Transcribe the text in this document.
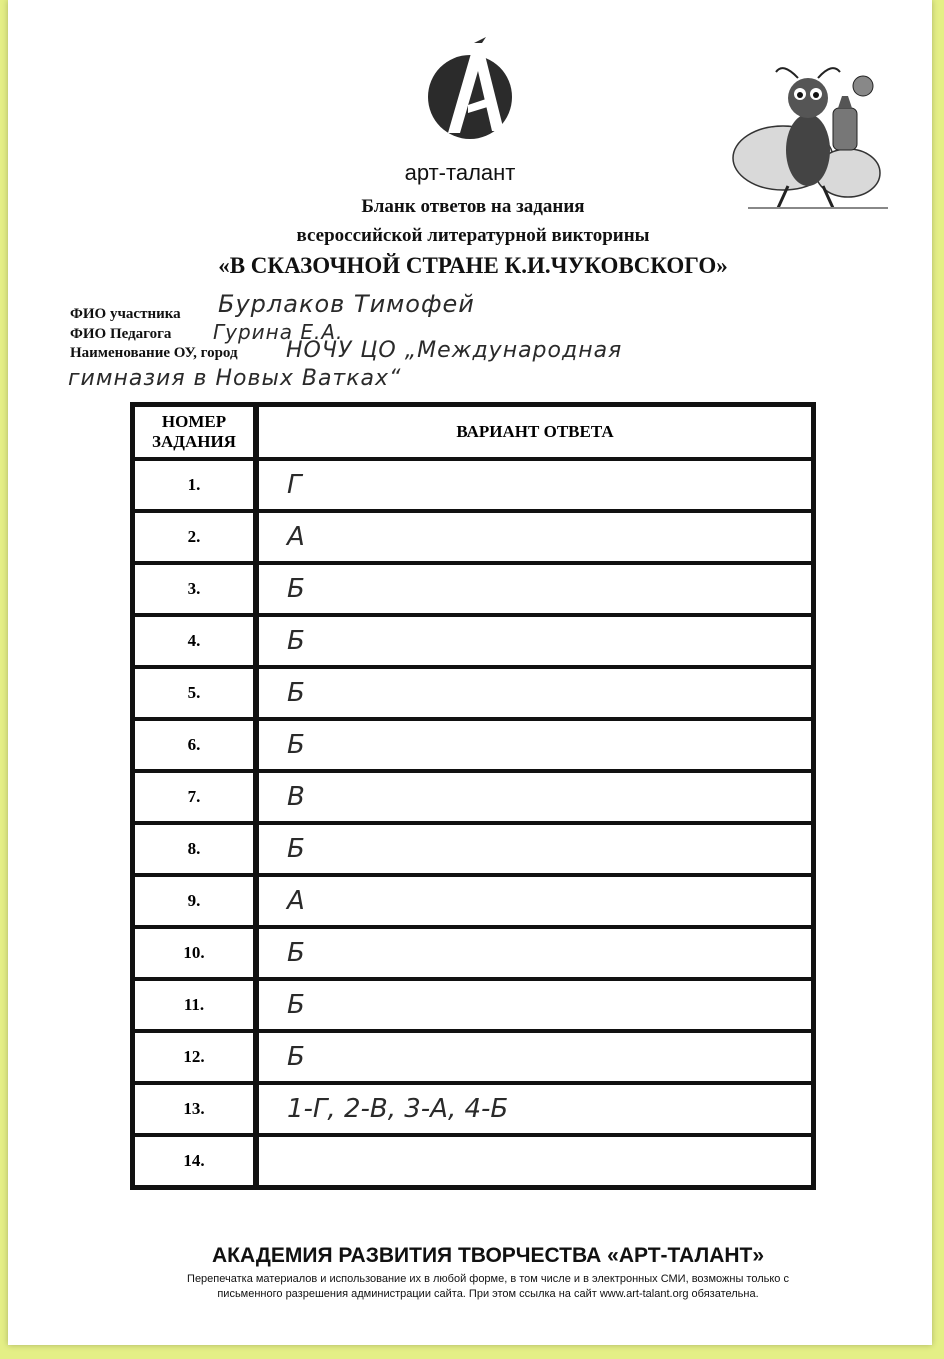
арт-талант
Бланк ответов на задания
всероссийской литературной викторины
«В СКАЗОЧНОЙ СТРАНЕ К.И.ЧУКОВСКОГО»
ФИО участника Бурлаков Тимофей
ФИО Педагога Гурина Е.А.
Наименование ОУ, город НОЧУ ЦО „Международная
гимназия в Новых Ватках“
НОМЕР ЗАДАНИЯ	ВАРИАНТ ОТВЕТА
1.	Г
2.	А
3.	Б
4.	Б
5.	Б
6.	Б
7.	В
8.	Б
9.	А
10.	Б
11.	Б
12.	Б
13.	1-Г, 2-В, 3-А, 4-Б
14.	
АКАДЕМИЯ РАЗВИТИЯ ТВОРЧЕСТВА «АРТ-ТАЛАНТ»
Перепечатка материалов и использование их в любой форме, в том числе и в электронных СМИ, возможны только с
письменного разрешения администрации сайта. При этом ссылка на сайт www.art-talant.org обязательна.
